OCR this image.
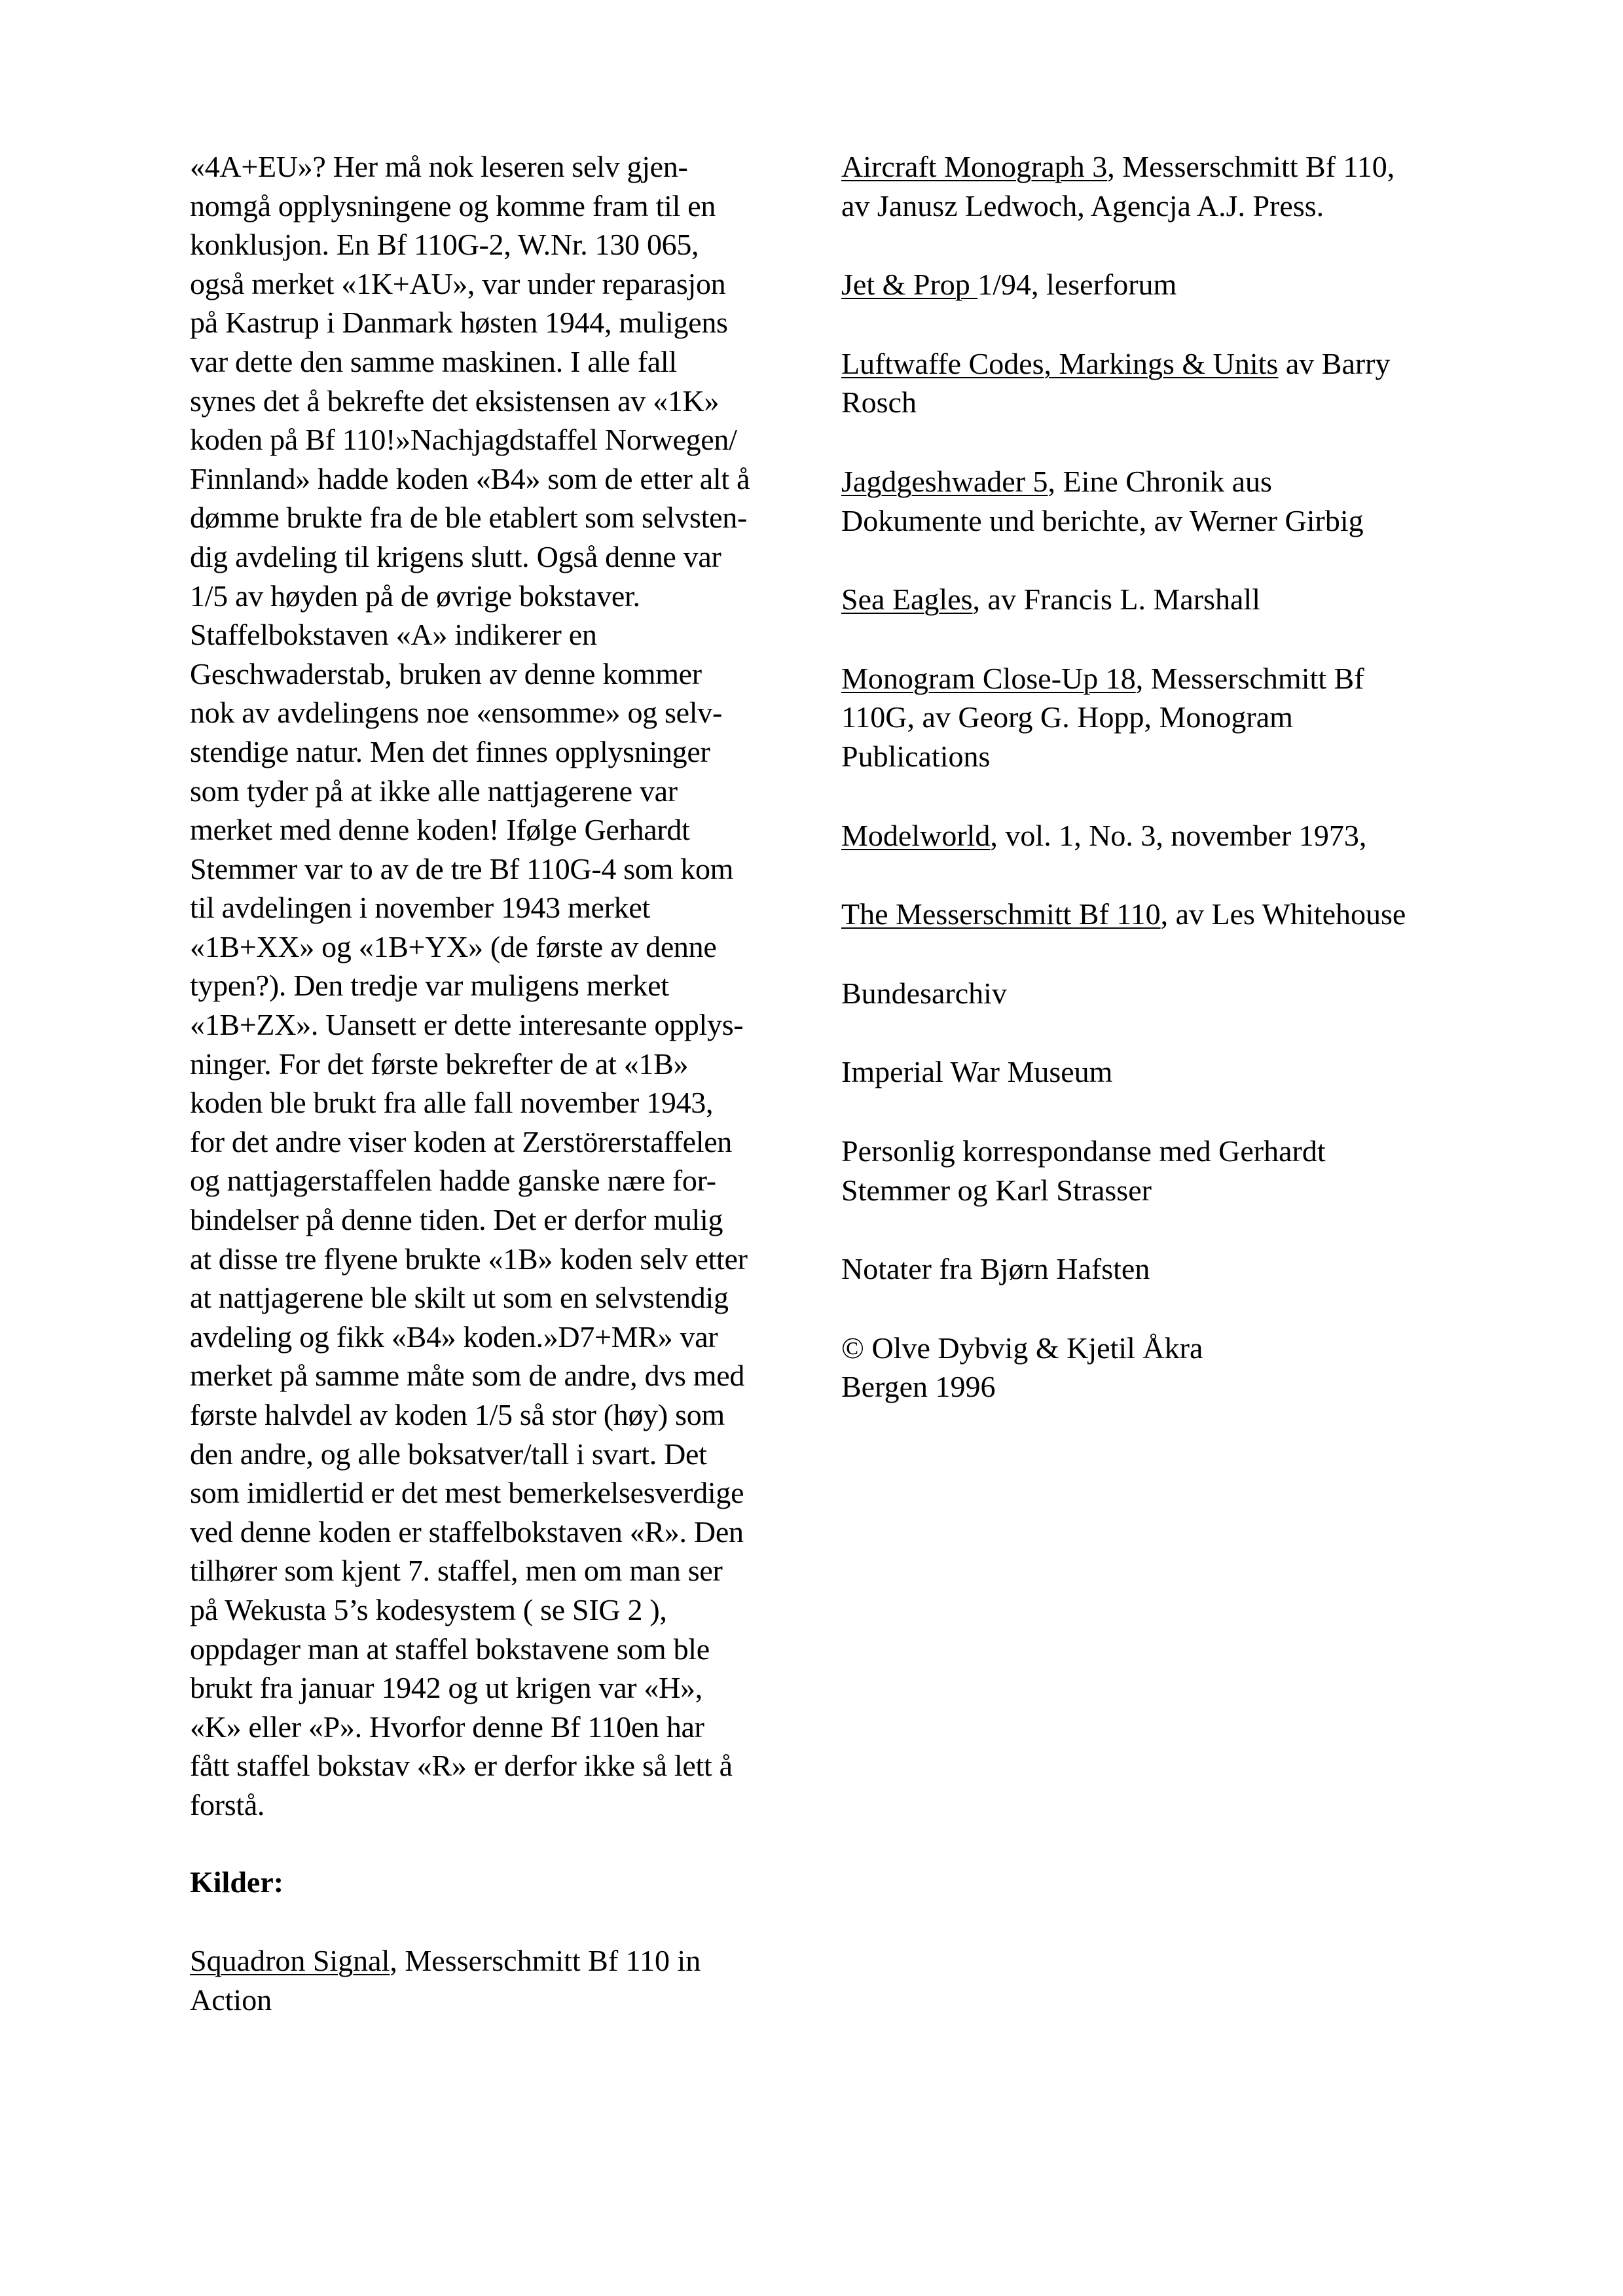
«4A+EU»? Her må nok leseren selv gjen-
nomgå opplysningene og komme fram til en
konklusjon. En Bf 110G-2, W.Nr. 130 065,
også merket «1K+AU», var under reparasjon
på Kastrup i Danmark høsten 1944, muligens
var dette den samme maskinen. I alle fall
synes det å bekrefte det eksistensen av «1K»
koden på Bf 110!»Nachjagdstaffel Norwegen/
Finnland» hadde koden «B4» som de etter alt å
dømme brukte fra de ble etablert som selvsten-
dig avdeling til krigens slutt. Også denne var
1/5 av høyden på de øvrige bokstaver.
Staffelbokstaven «A» indikerer en
Geschwaderstab, bruken av denne kommer
nok av avdelingens noe «ensomme» og selv-
stendige natur. Men det finnes opplysninger
som tyder på at ikke alle nattjagerene var
merket med denne koden! Ifølge Gerhardt
Stemmer var to av de tre Bf 110G-4 som kom
til avdelingen i november 1943 merket
«1B+XX» og «1B+YX» (de første av denne
typen?). Den tredje var muligens merket
«1B+ZX». Uansett er dette interesante opplys-
ninger. For det første bekrefter de at «1B»
koden ble brukt fra alle fall november 1943,
for det andre viser koden at Zerstörerstaffelen
og nattjagerstaffelen hadde ganske nære for-
bindelser på denne tiden. Det er derfor mulig
at disse tre flyene brukte «1B» koden selv etter
at nattjagerene ble skilt ut som en selvstendig
avdeling og fikk «B4» koden.»D7+MR» var
merket på samme måte som de andre, dvs med
første halvdel av koden 1/5 så stor (høy) som
den andre, og alle boksatver/tall i svart. Det
som imidlertid er det mest bemerkelsesverdige
ved denne koden er staffelbokstaven «R». Den
tilhører som kjent 7. staffel, men om man ser
på Wekusta 5’s kodesystem ( se SIG 2 ),
oppdager man at staffel bokstavene som ble
brukt fra januar 1942 og ut krigen var «H»,
«K» eller «P». Hvorfor denne Bf 110en har
fått staffel bokstav «R» er derfor ikke så lett å
forstå.
Kilder:
Squadron Signal, Messerschmitt Bf 110 in
Action
Aircraft Monograph 3, Messerschmitt Bf 110,
av Janusz Ledwoch, Agencja A.J. Press.
Jet & Prop 1/94, leserforum
Luftwaffe Codes, Markings & Units av Barry
Rosch
Jagdgeshwader 5, Eine Chronik aus
Dokumente und berichte, av Werner Girbig
Sea Eagles, av Francis L. Marshall
Monogram Close-Up 18, Messerschmitt Bf
110G, av Georg G. Hopp, Monogram
Publications
Modelworld, vol. 1, No. 3, november 1973,
The Messerschmitt Bf 110, av Les Whitehouse
Bundesarchiv
Imperial War Museum
Personlig korrespondanse med Gerhardt
Stemmer og Karl Strasser
Notater fra Bjørn Hafsten
© Olve Dybvig & Kjetil Åkra
Bergen 1996
